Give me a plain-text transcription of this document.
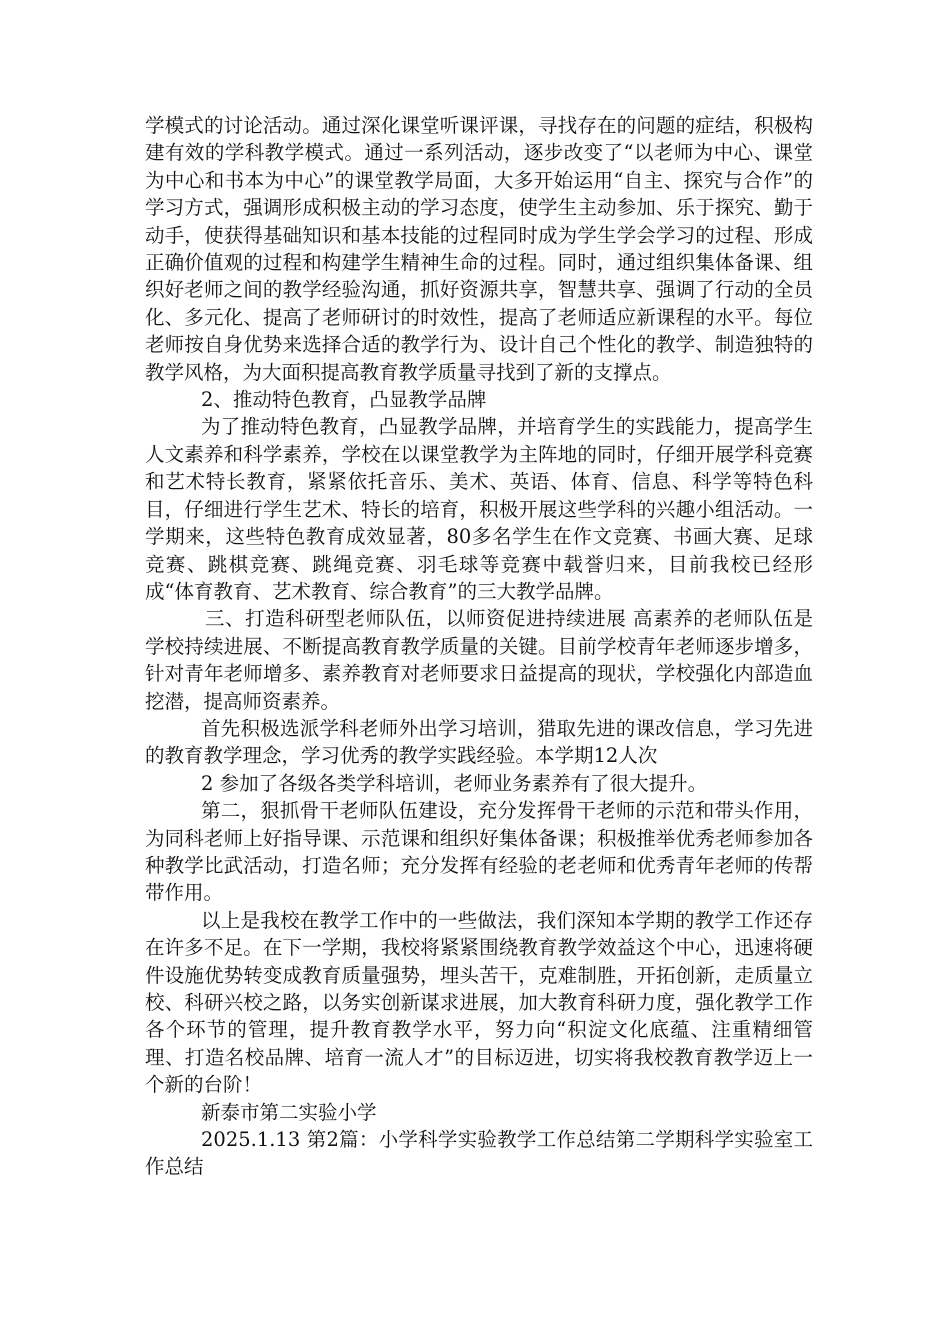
学模式的讨论活动。通过深化课堂听课评课，寻找存在的问题的症结，积极构建有效的学科教学模式。通过一系列活动，逐步改变了“以老师为中心、课堂为中心和书本为中心”的课堂教学局面，大多开始运用“自主、探究与合作”的学习方式，强调形成积极主动的学习态度，使学生主动参加、乐于探究、勤于动手，使获得基础知识和基本技能的过程同时成为学生学会学习的过程、形成正确价值观的过程和构建学生精神生命的过程。同时，通过组织集体备课、组织好老师之间的教学经验沟通，抓好资源共享，智慧共享、强调了行动的全员化、多元化、提高了老师研讨的时效性，提高了老师适应新课程的水平。每位老师按自身优势来选择合适的教学行为、设计自己个性化的教学、制造独特的教学风格，为大面积提高教育教学质量寻找到了新的支撑点。

2、推动特色教育，凸显教学品牌

为了推动特色教育，凸显教学品牌，并培育学生的实践能力，提高学生人文素养和科学素养，学校在以课堂教学为主阵地的同时，仔细开展学科竞赛和艺术特长教育，紧紧依托音乐、美术、英语、体育、信息、科学等特色科目，仔细进行学生艺术、特长的培育，积极开展这些学科的兴趣小组活动。一学期来，这些特色教育成效显著，80多名学生在作文竞赛、书画大赛、足球竞赛、跳棋竞赛、跳绳竞赛、羽毛球等竞赛中载誉归来，目前我校已经形成“体育教育、艺术教育、综合教育”的三大教学品牌。

三、打造科研型老师队伍，以师资促进持续进展 高素养的老师队伍是学校持续进展、不断提高教育教学质量的关键。目前学校青年老师逐步增多，针对青年老师增多、素养教育对老师要求日益提高的现状，学校强化内部造血挖潜，提高师资素养。

首先积极选派学科老师外出学习培训，猎取先进的课改信息，学习先进的教育教学理念，学习优秀的教学实践经验。本学期12人次

2 参加了各级各类学科培训，老师业务素养有了很大提升。

第二，狠抓骨干老师队伍建设，充分发挥骨干老师的示范和带头作用，为同科老师上好指导课、示范课和组织好集体备课；积极推举优秀老师参加各种教学比武活动，打造名师；充分发挥有经验的老老师和优秀青年老师的传帮带作用。

以上是我校在教学工作中的一些做法，我们深知本学期的教学工作还存在许多不足。在下一学期，我校将紧紧围绕教育教学效益这个中心，迅速将硬件设施优势转变成教育质量强势，埋头苦干，克难制胜，开拓创新，走质量立校、科研兴校之路，以务实创新谋求进展，加大教育科研力度，强化教学工作各个环节的管理，提升教育教学水平，努力向“积淀文化底蕴、注重精细管理、打造名校品牌、培育一流人才”的目标迈进，切实将我校教育教学迈上一个新的台阶！

新泰市第二实验小学

2025.1.13 第2篇：小学科学实验教学工作总结第二学期科学实验室工作总结
